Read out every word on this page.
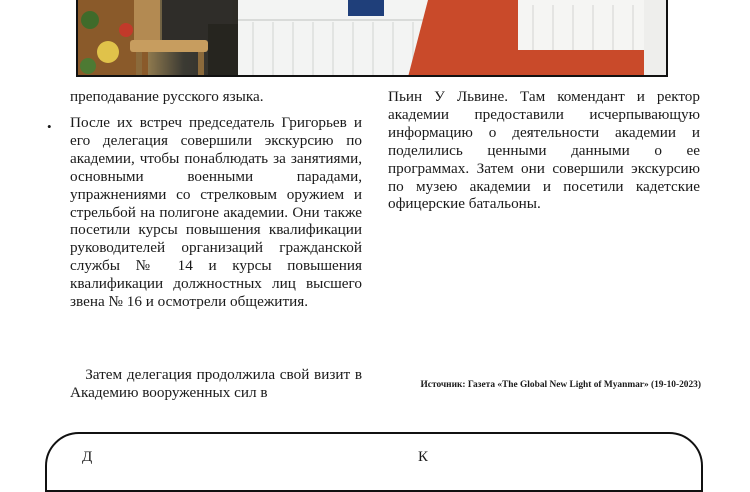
преподавание русского языка.
• После их встреч председатель Григорьев и его делегация совершили экскурсию по академии, чтобы понаблюдать за занятиями, основными военными парадами, упражнениями со стрелковым оружием и стрельбой на полигоне академии. Они также посетили курсы повышения квалификации руководителей организаций гражданской службы № 14 и курсы повышения квалификации должностных лиц высшего звена № 16 и осмотрели общежития.
Затем делегация продолжила свой визит в Академию вооруженных сил в
Пьин У Львине. Там комендант и ректор академии предоставили исчерпывающую информацию о деятельности академии и поделились ценными данными о ее программах. Затем они совершили экскурсию по музею академии и посетили кадетские офицерские батальоны.
Источник: Газета «The Global New Light of Myanmar» (19-10-2023)
Д	К
